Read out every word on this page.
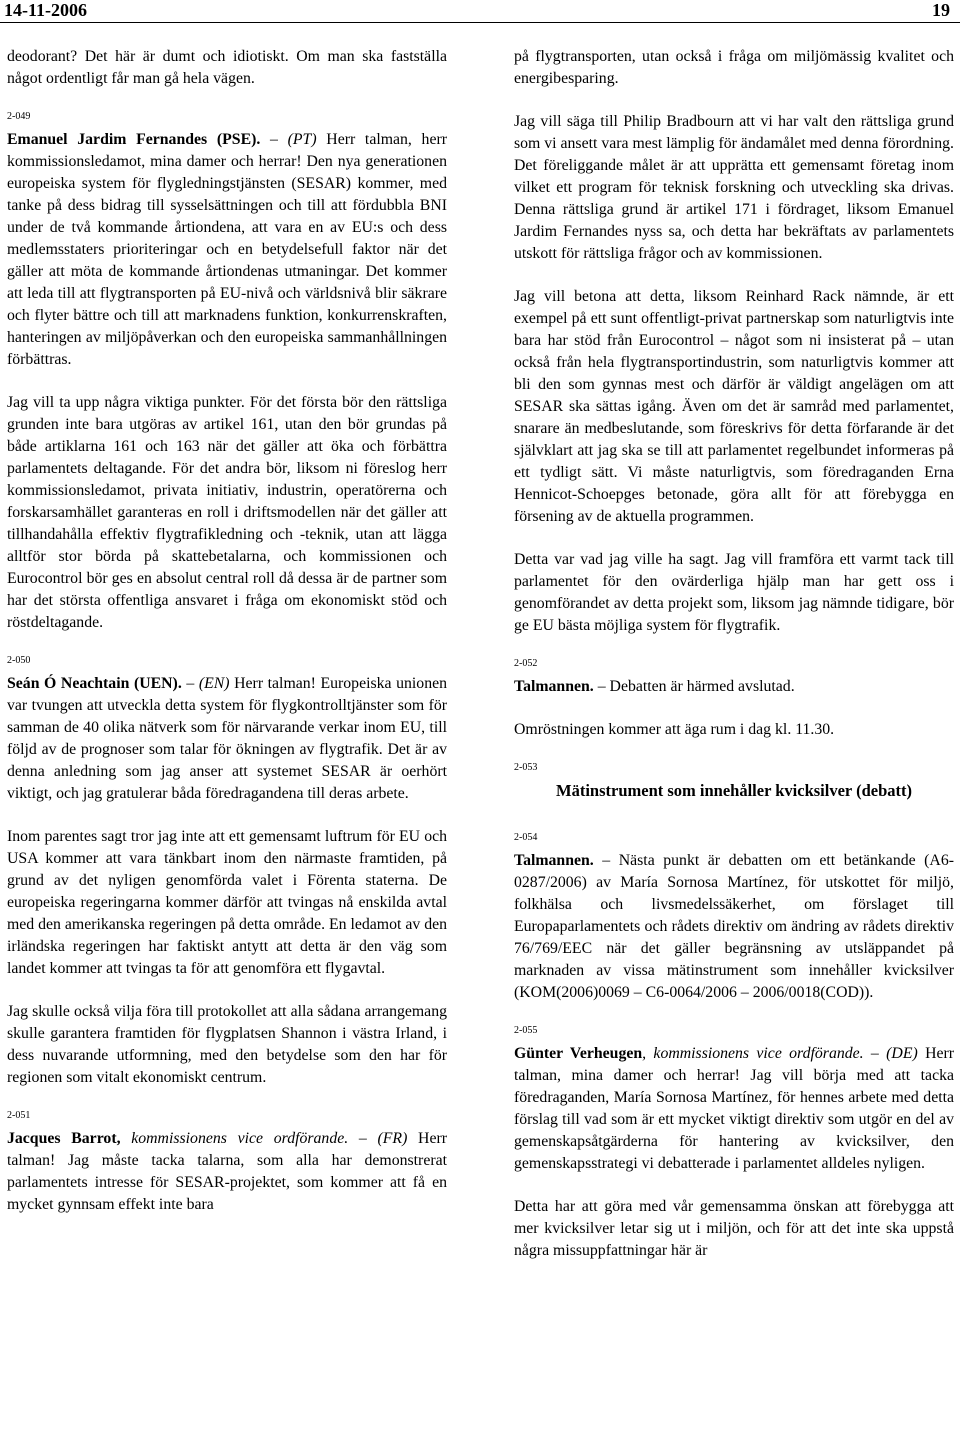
14-11-2006	19

deodorant? Det här är dumt och idiotiskt. Om man ska fastställa något ordentligt får man gå hela vägen.

2-049

Emanuel Jardim Fernandes (PSE). – (PT) Herr talman, herr kommissionsledamot, mina damer och herrar! Den nya generationen europeiska system för flygledningstjänsten (SESAR) kommer, med tanke på dess bidrag till sysselsättningen och till att fördubbla BNI under de två kommande årtiondena, att vara en av EU:s och dess medlemsstaters prioriteringar och en betydelsefull faktor när det gäller att möta de kommande årtiondenas utmaningar. Det kommer att leda till att flygtransporten på EU-nivå och världsnivå blir säkrare och flyter bättre och till att marknadens funktion, konkurrenskraften, hanteringen av miljöpåverkan och den europeiska sammanhållningen förbättras.

Jag vill ta upp några viktiga punkter. För det första bör den rättsliga grunden inte bara utgöras av artikel 161, utan den bör grundas på både artiklarna 161 och 163 när det gäller att öka och förbättra parlamentets deltagande. För det andra bör, liksom ni föreslog herr kommissionsledamot, privata initiativ, industrin, operatörerna och forskarsamhället garanteras en roll i driftsmodellen när det gäller att tillhandahålla effektiv flygtrafikledning och -teknik, utan att lägga alltför stor börda på skattebetalarna, och kommissionen och Eurocontrol bör ges en absolut central roll då dessa är de partner som har det största offentliga ansvaret i fråga om ekonomiskt stöd och röstdeltagande.

2-050

Seán Ó Neachtain (UEN). – (EN) Herr talman! Europeiska unionen var tvungen att utveckla detta system för flygkontrolltjänster som för samman de 40 olika nätverk som för närvarande verkar inom EU, till följd av de prognoser som talar för ökningen av flygtrafik. Det är av denna anledning som jag anser att systemet SESAR är oerhört viktigt, och jag gratulerar båda föredragandena till deras arbete.

Inom parentes sagt tror jag inte att ett gemensamt luftrum för EU och USA kommer att vara tänkbart inom den närmaste framtiden, på grund av det nyligen genomförda valet i Förenta staterna. De europeiska regeringarna kommer därför att tvingas nå enskilda avtal med den amerikanska regeringen på detta område. En ledamot av den irländska regeringen har faktiskt antytt att detta är den väg som landet kommer att tvingas ta för att genomföra ett flygavtal.

Jag skulle också vilja föra till protokollet att alla sådana arrangemang skulle garantera framtiden för flygplatsen Shannon i västra Irland, i dess nuvarande utformning, med den betydelse som den har för regionen som vitalt ekonomiskt centrum.

2-051

Jacques Barrot, kommissionens vice ordförande. – (FR) Herr talman! Jag måste tacka talarna, som alla har demonstrerat parlamentets intresse för SESAR-projektet, som kommer att få en mycket gynnsam effekt inte bara

på flygtransporten, utan också i fråga om miljömässig kvalitet och energibesparing.

Jag vill säga till Philip Bradbourn att vi har valt den rättsliga grund som vi ansett vara mest lämplig för ändamålet med denna förordning. Det föreliggande målet är att upprätta ett gemensamt företag inom vilket ett program för teknisk forskning och utveckling ska drivas. Denna rättsliga grund är artikel 171 i fördraget, liksom Emanuel Jardim Fernandes nyss sa, och detta har bekräftats av parlamentets utskott för rättsliga frågor och av kommissionen.

Jag vill betona att detta, liksom Reinhard Rack nämnde, är ett exempel på ett sunt offentligt-privat partnerskap som naturligtvis inte bara har stöd från Eurocontrol – något som ni insisterat på – utan också från hela flygtransportindustrin, som naturligtvis kommer att bli den som gynnas mest och därför är väldigt angelägen om att SESAR ska sättas igång. Även om det är samråd med parlamentet, snarare än medbeslutande, som föreskrivs för detta förfarande är det självklart att jag ska se till att parlamentet regelbundet informeras på ett tydligt sätt. Vi måste naturligtvis, som föredraganden Erna Hennicot-Schoepges betonade, göra allt för att förebygga en försening av de aktuella programmen.

Detta var vad jag ville ha sagt. Jag vill framföra ett varmt tack till parlamentet för den ovärderliga hjälp man har gett oss i genomförandet av detta projekt som, liksom jag nämnde tidigare, bör ge EU bästa möjliga system för flygtrafik.

2-052

Talmannen. – Debatten är härmed avslutad.

Omröstningen kommer att äga rum i dag kl. 11.30.

2-053
Mätinstrument som innehåller kvicksilver (debatt)
2-054

Talmannen. – Nästa punkt är debatten om ett betänkande (A6-0287/2006) av María Sornosa Martínez, för utskottet för miljö, folkhälsa och livsmedelssäkerhet, om förslaget till Europaparlamentets och rådets direktiv om ändring av rådets direktiv 76/769/EEC när det gäller begränsning av utsläppandet på marknaden av vissa mätinstrument som innehåller kvicksilver (KOM(2006)0069 – C6-0064/2006 – 2006/0018(COD)).

2-055

Günter Verheugen, kommissionens vice ordförande. – (DE) Herr talman, mina damer och herrar! Jag vill börja med att tacka föredraganden, María Sornosa Martínez, för hennes arbete med detta förslag till vad som är ett mycket viktigt direktiv som utgör en del av gemenskapsåtgärderna för hantering av kvicksilver, den gemenskapsstrategi vi debatterade i parlamentet alldeles nyligen.

Detta har att göra med vår gemensamma önskan att förebygga att mer kvicksilver letar sig ut i miljön, och för att det inte ska uppstå några missuppfattningar här är
